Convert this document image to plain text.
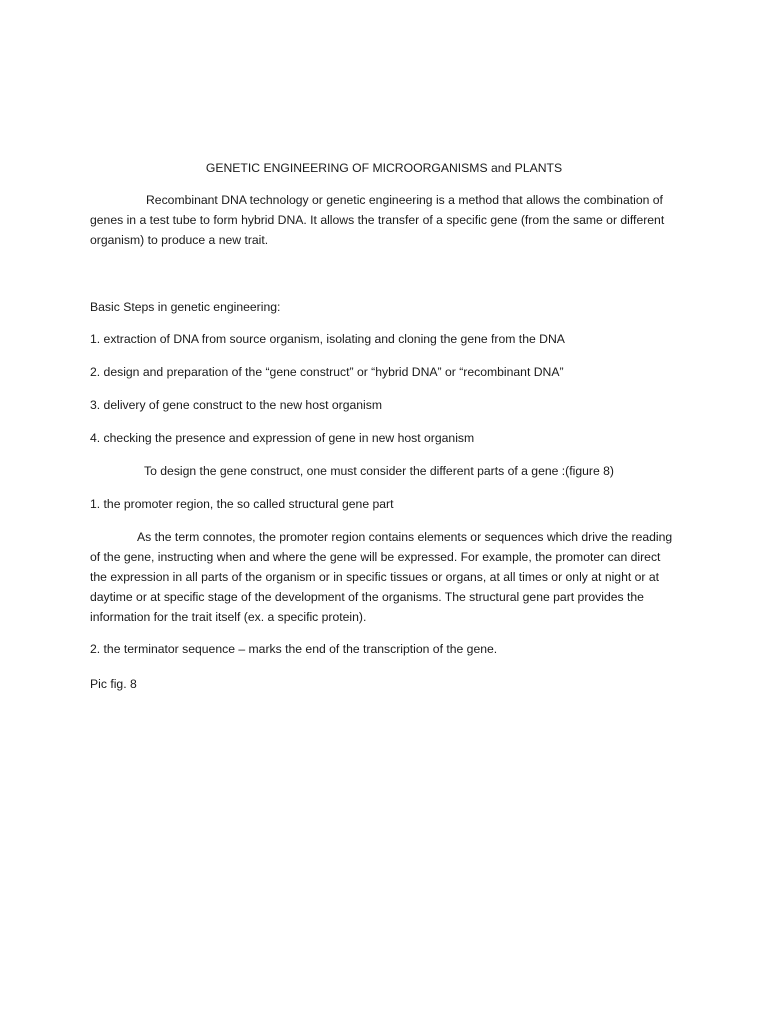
GENETIC ENGINEERING OF MICROORGANISMS and PLANTS

Recombinant DNA technology or genetic engineering is a method that allows the combination of genes in a test tube to form hybrid DNA. It allows the transfer of a specific gene (from the same or different organism) to produce a new trait.

Basic Steps in genetic engineering:

1. extraction of DNA from source organism, isolating and cloning the gene from the DNA

2. design and preparation of the “gene construct” or “hybrid DNA” or “recombinant DNA”

3. delivery of gene construct to the new host organism

4. checking the presence and expression of gene in new host organism

To design the gene construct, one must consider the different parts of a gene :(figure 8)

1. the promoter region, the so called structural gene part

As the term connotes, the promoter region contains elements or sequences which drive the reading of the gene, instructing when and where the gene will be expressed. For example, the promoter can direct the expression in all parts of the organism or in specific tissues or organs, at all times or only at night or at daytime or at specific stage of the development of the organisms. The structural gene part provides the information for the trait itself (ex. a specific protein).

2. the terminator sequence – marks the end of the transcription of the gene.

Pic fig. 8
